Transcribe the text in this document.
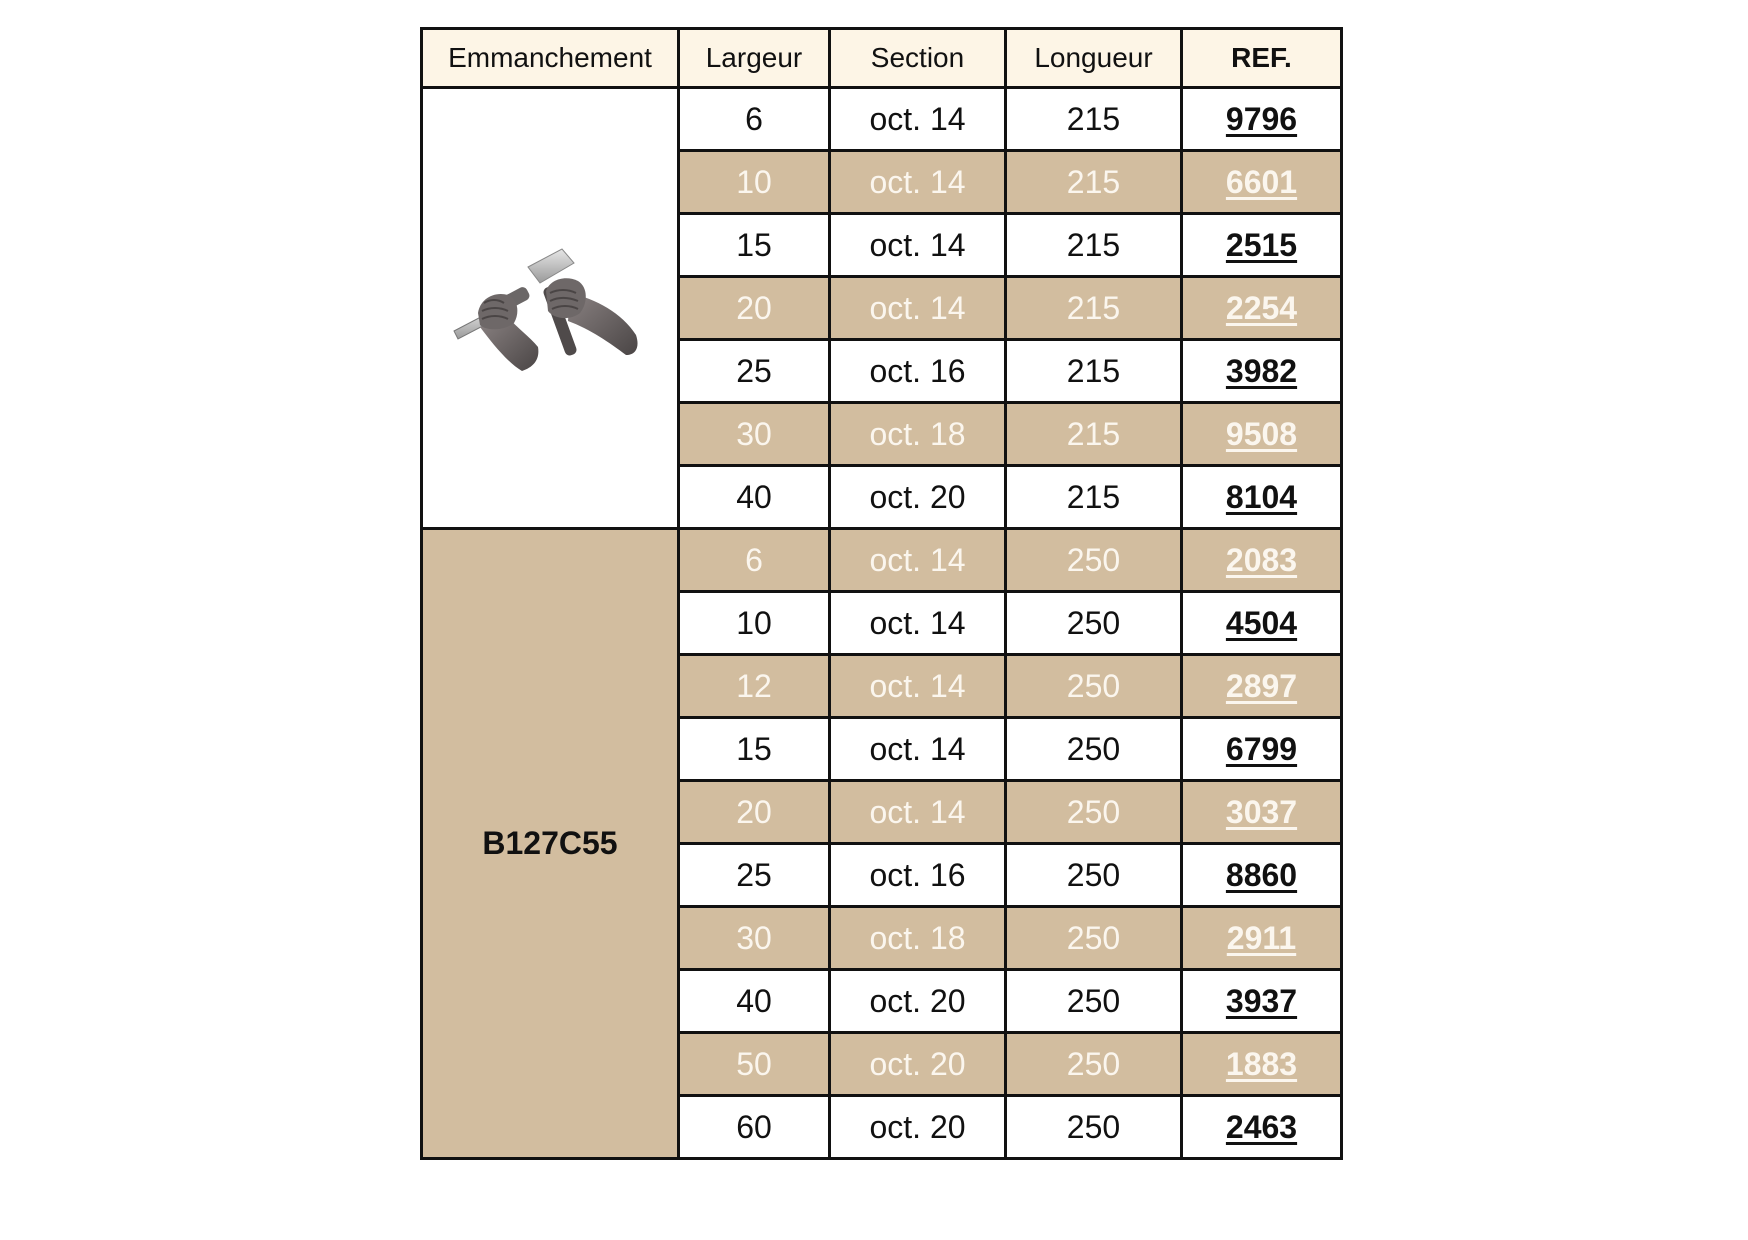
Emmanchement	Largeur	Section	Longueur	REF.

	6	oct. 14	215	9796
	10	oct. 14	215	6601
	15	oct. 14	215	2515
	20	oct. 14	215	2254
	25	oct. 16	215	3982
	30	oct. 18	215	9508
	40	oct. 20	215	8104
B127C55	6	oct. 14	250	2083
	10	oct. 14	250	4504
	12	oct. 14	250	2897
	15	oct. 14	250	6799
	20	oct. 14	250	3037
	25	oct. 16	250	8860
	30	oct. 18	250	2911
	40	oct. 20	250	3937
	50	oct. 20	250	1883
	60	oct. 20	250	2463
